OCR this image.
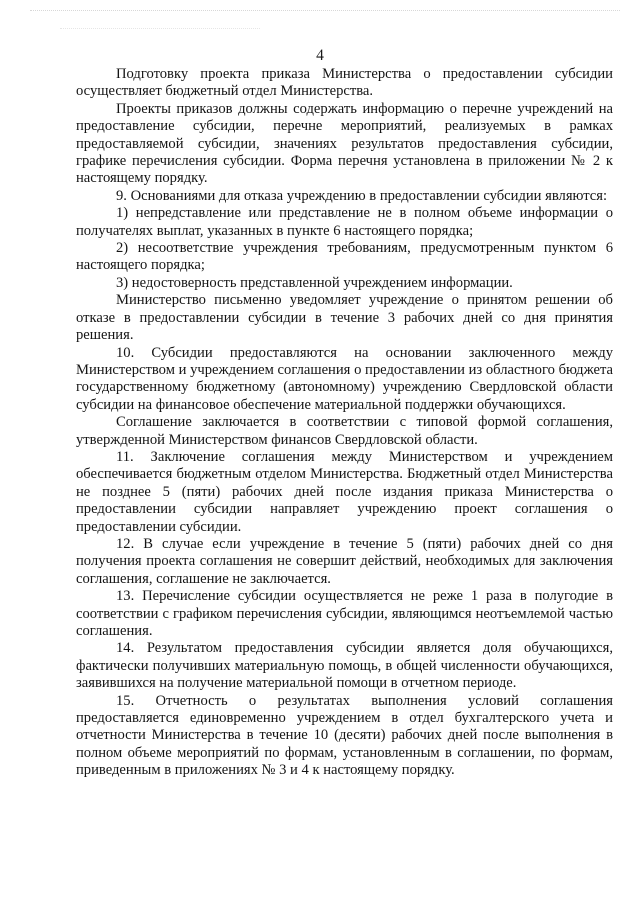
4

Подготовку проекта приказа Министерства о предоставлении субсидии осуществляет бюджетный отдел Министерства.

Проекты приказов должны содержать информацию о перечне учреждений на предоставление субсидии, перечне мероприятий, реализуемых в рамках предоставляемой субсидии, значениях результатов предоставления субсидии, графике перечисления субсидии. Форма перечня установлена в приложении № 2 к настоящему порядку.

9. Основаниями для отказа учреждению в предоставлении субсидии являются:

1) непредставление или представление не в полном объеме информации о получателях выплат, указанных в пункте 6 настоящего порядка;

2) несоответствие учреждения требованиям, предусмотренным пунктом 6 настоящего порядка;

3) недостоверность представленной учреждением информации.

Министерство письменно уведомляет учреждение о принятом решении об отказе в предоставлении субсидии в течение 3 рабочих дней со дня принятия решения.

10. Субсидии предоставляются на основании заключенного между Министерством и учреждением соглашения о предоставлении из областного бюджета государственному бюджетному (автономному) учреждению Свердловской области субсидии на финансовое обеспечение материальной поддержки обучающихся.

Соглашение заключается в соответствии с типовой формой соглашения, утвержденной Министерством финансов Свердловской области.

11. Заключение соглашения между Министерством и учреждением обеспечивается бюджетным отделом Министерства. Бюджетный отдел Министерства не позднее 5 (пяти) рабочих дней после издания приказа Министерства о предоставлении субсидии направляет учреждению проект соглашения о предоставлении субсидии.

12. В случае если учреждение в течение 5 (пяти) рабочих дней со дня получения проекта соглашения не совершит действий, необходимых для заключения соглашения, соглашение не заключается.

13. Перечисление субсидии осуществляется не реже 1 раза в полугодие в соответствии с графиком перечисления субсидии, являющимся неотъемлемой частью соглашения.

14. Результатом предоставления субсидии является доля обучающихся, фактически получивших материальную помощь, в общей численности обучающихся, заявившихся на получение материальной помощи в отчетном периоде.

15. Отчетность о результатах выполнения условий соглашения предоставляется единовременно учреждением в отдел бухгалтерского учета и отчетности Министерства в течение 10 (десяти) рабочих дней после выполнения в полном объеме мероприятий по формам, установленным в соглашении, по формам, приведенным в приложениях № 3 и 4 к настоящему порядку.
